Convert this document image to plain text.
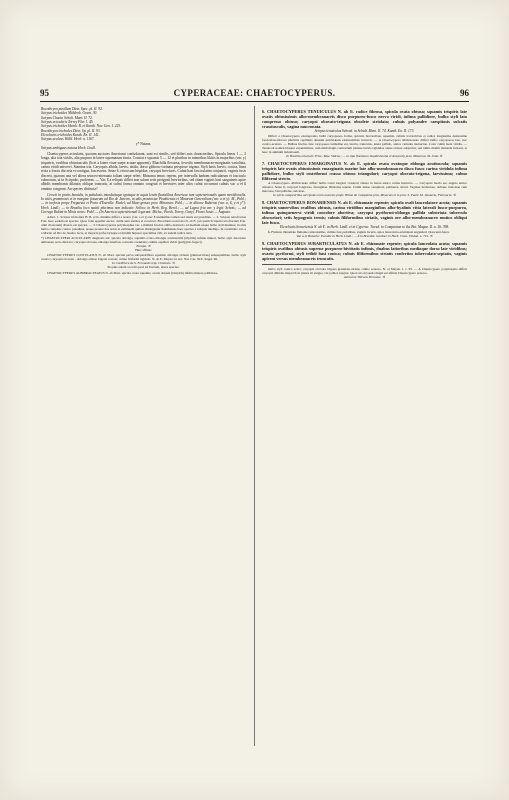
95	CYPERACEAE: CHAETOCYPERUS.	96

Bocothryon pusillum Dietr. Spec. pl. II. 92.

Scirpus trichoides Mühlenb. Gram. 30.

Scirpus Chaeta Schult. Mant. II. 72.

Scirpus acicularis Torrey Flor. I. 45.

Scirpus trichoides Humb. B. et Kunth. Nov. Gen. I. 225.

Bocothryon trichodes Dietr. Sp. pl. II. 93.

Eleocharis trichoides Kunth. En. II. 141.

Scirpus aculeus Willd. Herb. n. 1167.

y* Natans.

Scirpus ambiguus natans Herb. Lindl.

Chaetocyperos acicularis, quorum auctores Americani confudarunt, sunt est similis, sed differt suis characteribus. Spicula lineas 1 — 2 longa, alia tota viridis, alia purpura in latere squamarum tincta. Constat e squamis 5 — 12 et pluribus in minoribus likitis in majoribus (var. y) triquetris, ovalibus obtusiusculis (licet a latere visae saepe acutae apparent). Rhachilla flexuosa, foveolis membranaceo-marginatis varioliata, carina viridi univervi. Stamina tria. Caryopsis albida, laevis, nitida, dorso gibboso-carinata perspicue trigona. Styli basis brevis, conica, linea recta a fructu discreta et contigua, fuscescens. Setae 6, retrorsum hispidae, caryopsi breviores. Culmi basi fasciculatim conjuncti, vaginis fusis discreti, quarum una vel altera setaceo-attenuata foliam saepe refert. Rhizoma tenue, repens, per intervalla barbam radicularum et fasciculo culmorum, ut in Scirpidio, proferens. — Var. ß a reliquis differt non solum setis perigynii brevioribus, sed etiam vaginis basi sanguineis apice albidis membranis dilatatis oblique truncatis, at culmi forma omnino congruit et breviores inter alios culmi occurrunt culmis var. a et ß omnino congrunt. An species distincta?

Crescit in pratis humidis, in paludosis inundatisque ignisque in aquis lentis fluvialibus Americae tam septentrionalis quam meridionalis. In sitiis graminosis et in margine fossarum ad Rio de Janeiro, in udis prouinciae Pisubiensis et Minarum Generalium (var. a et y): M., Pohl.; — in turfosis prope Freguesia et Porto d'Estrella: Riedel; ad Mato grosso prov. Minarum: Pohl.; — in ditione Bahiensi (var. a, ß, y et y*): Herb. Lindl.; — in Brasilia loco natali plurimus non indicato: Sellow. in Herb. Reg. Berol.; — ad Lagoa fria var. y legit: Schott.; — ad Corrego Rubim in Minis novis: Pohl. — (In America septentrionali legerunt: Michx., Pursh, Torrey, Gray). Floret Junio — Augusto.

Adnot. 1. Scirpus trichoides H. B. et K. minime differt a nostro (var. a et y) nec 8 staminibus tamen sed ternis est praeditus. — 2. Scirpus retrofractus Poir. haec eadem est species. Quae folia appellat auctor, culmi sunt steriles et recurvati. Eleocharis recurvata N. ab E. (ad quam Scirpum retrofractum Poir. olim citaveram) diversa est species. — 3. Chaetocyperus polymorphus var. a minima fructus oblito destructo ad medium usque bulbo styli munitus; in aliis bulbo complete conico praeditus, neque praeter has notas et exilitatem quibus distinguatur Kunthianas haec species a reliquis intelligo. In consiliatio var. a a Martio ad Rio de Janeiro lecta, et majoris perfectorisque et minimi hujusce specimina vidi, ex eadem radice nata.

*) CHAETOCYPERI ACICULARIS diagnosis est: spicula oblonga, squamis ovato-oblongis acutiusculis (tripiriis) infima mineri, bulbo styli discoideo umbonato recta discreto; caryopsi obovato-oblonga lateribus convexis costulatis; culmis capillari viridi (perigynio fugaci).

Europa. ♃

Huic affinis:

CHAETOCYPERUS COSTULATUS N. ab Mart. spicula parva subquadriflora squamis oblongis obtusis (plurinervibus) subaequalibus, bulbo styli conico; caryopsi obovato - oblonga obtuse trigona costata; culmo filiformi rigidulo. N. ab E. Meyen. in Act. Nat. Cur. XIX. Suppl. 96.

In Cordillera de S. Fernando reip. Chilensis. ♃

Propius autem accedit quod ad fructum, altera species:

CHAETOCYPERUS ALBIBRACTEATUS N. ab Mart. spicula ovata squamis, ovatis obtusis (triripiris) infima minore pallidiore,

6. CHAETOCYPERUS TENUICULUS N. ab E. radice fibrosa, spicula ovata obtusa; squamis trispiris late ovatis obtusissimis albo-membranaceis disco purpureo-fusco nervo viridi, infima pallidiore, bulbo styli lato compresso obtuso; caryopsi obovato-trigona obsolete striolata; culmis polyandre caespitosis sulcatis crassiusculis, vagina mucronata.

Scirpus tenuiculus Schrad. in Schult. Mant. II. 74. Kunth. En. II. 173.

Differt a Chaetocypero exutrepranto bulbi caryopsoeo forma, spiculis brevioribus, squamis, culmis traviorirbus et radice longissima densissime fasciculato-fibrosa plurimis capillaris densum pulvinatum exstruentibus incurvis. — A Chaetocypero albibracteato differt bulbo caryopseos lato, nec conico-acutato. — Bulbus fructus fere caryopseos latitudine est, brevis, truncatus, latere pallido, antice carinula instructus. Color culmi laete viridis. — Tenuicoli nomen hbsater expuniximus, cum nihil magis contrarium plantae brevis rigidulae atque obesae adspectui, sed nimis malim mutanda fuisseri, si haec in animum induxissem.

In Brasilia orientali: Princ. Max. Videns.; — in ripa fluminum Jequitinhonha et Araçuahy prov. Minarum: M. Julio. ⊙

7. CHAETOCYPERUS EMARGINATUS N. ab E. spicula ovata ovatoque oblonga acutiuscula; squamis trispiris late ovatis obtusissimis emarginatis marine late albo-membranaceo disco fusco carina viridula infima pallidiore, bulbo styli rostriformi crasso obtuso triangulari; caryopsi obovato-trigona, laevissima; culmo filiformi stricto.

A Chaetocypero albibracteato differt bulbo rostri longiori crassiori obtuso in latere antico carina instructo. — Caryopsis laevis est, angulo antico obtusior. Setae 6, caryopsi longiores, ferruginae. Rhizoma repens. Culmi dense caespitosi, palmares, striati. Vaginae herbaceae, oblique truncatae cum mucrone, basi pallidae, sulcatae.

In sylvis campestribus ad ripulas locis uvaresis prope Villam de Campanha prov. Minarum et in prov. S. Pauli: M. Januario, Februario. ♃

8. CHAETOCYPERUS BONARIENSIS N. ab E. rhizomate repente; spicula ovali lanceolatave acuta; squamis trispiris unnervibus ovalibus obtusis, carina viridibus marginibus albo-hyalinis vitta laterali fusco-purpurea, infima quinquenervi viridi concolore abortiva; caryopsi pyriformi-oblonga pallida substriata tuberculo obscuriori; setis hypogynis ternis; culmis filiformibus striatis, vaginis ore albo-membranaceo mutico obliqui late fusco.

Eleocharis bonariensis N. ab E. in Herb. Lindl. et in Cyperac. Twesd. in Companion to the Bot. Magaz. II. n. 16. 398.

ß. Fluitans rhizomate fluitante ramosissimo, culmis fere pedalibus, vaginis laceris, spica lanceolato-acuminata angustiori virescenti-fusca.

Var. a in Bonaria: Tweedie in Herb. Lindl.; — ß in Brasilia: Gardner in Herb. Class. Vindob. n. 719. ♃

9. CHAETOCYPERUS SUBARTICULATUS N. ab E. rhizomate repente; spicula lanceolata acuta; squamis trispiris ovalibus obtusis superne purpureo-bivittatis infimis, duabus latioribus medioque dorso late viridibus; ovario pyriformi, styli trifidi basi conica; culmis filiformibus striatis confertim tuberculato-septatis, vaginis apicem versus membranaceis truncatis.

bulbo styli conico acuto; caryopsi obovata trigona granulato-striata; culmo setaceo. N. et Meyen. l. c. 95. — A Chaetocypero polymorpho differt caryopsi dimidio majori licet planta sit exigua, vix pollice longior. Quod ad caryopsis magis est affinis Chaetocypero setaceo.

Ad locum Titicaca Peruviae. ♃
